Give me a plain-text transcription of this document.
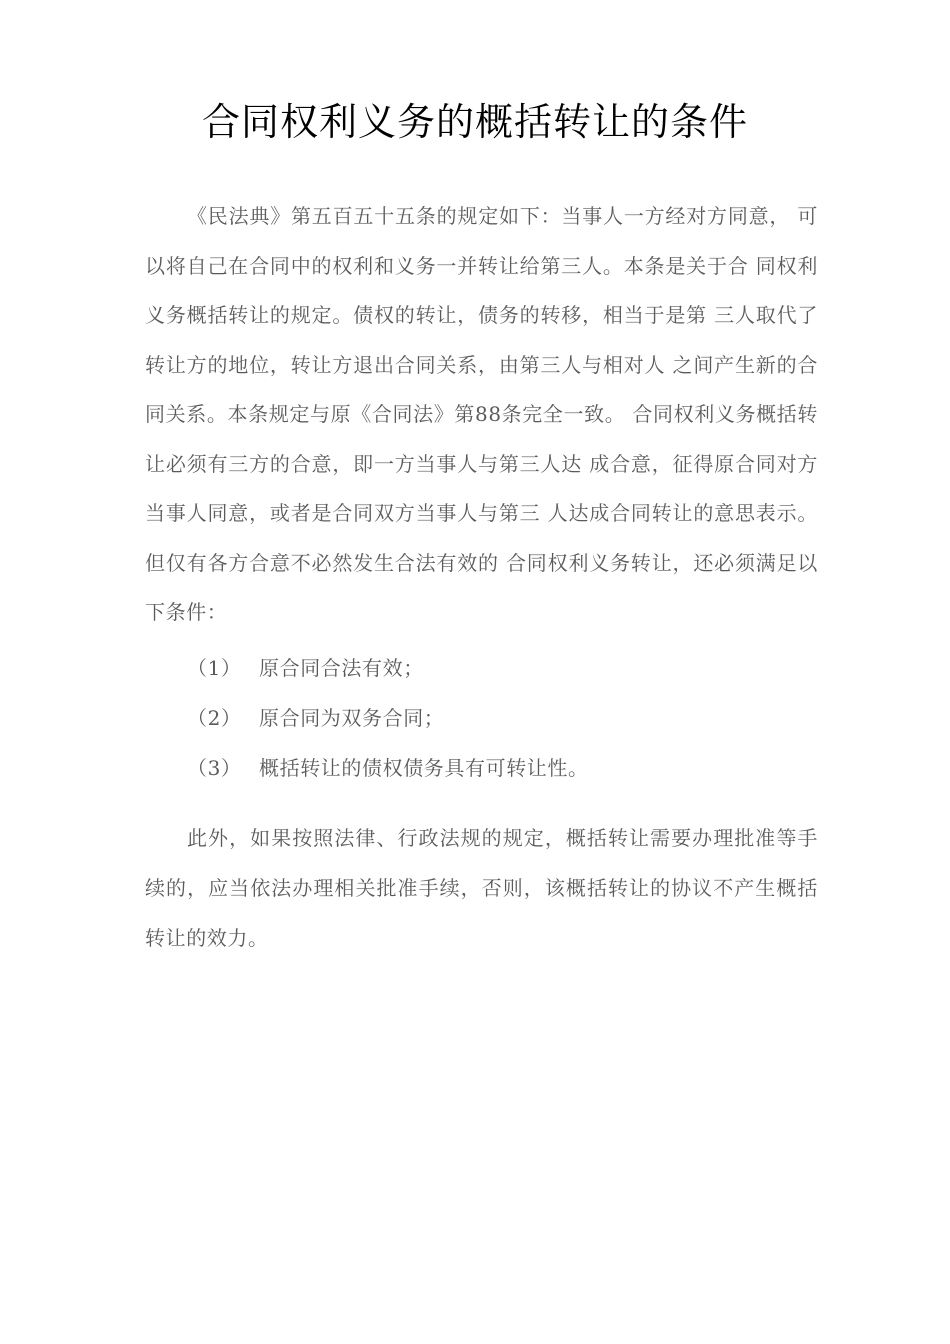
合同权利义务的概括转让的条件

《民法典》第五百五十五条的规定如下：当事人一方经对方同意， 可以将自己在合同中的权利和义务一并转让给第三人。本条是关于合 同权利义务概括转让的规定。债权的转让，债务的转移，相当于是第 三人取代了转让方的地位，转让方退出合同关系，由第三人与相对人 之间产生新的合同关系。本条规定与原《合同法》第88条完全一致。 合同权利义务概括转让必须有三方的合意，即一方当事人与第三人达 成合意，征得原合同对方当事人同意，或者是合同双方当事人与第三 人达成合同转让的意思表示。但仅有各方合意不必然发生合法有效的 合同权利义务转让，还必须满足以下条件：

（1） 原合同合法有效；
（2） 原合同为双务合同；
（3） 概括转让的债权债务具有可转让性。

此外，如果按照法律、行政法规的规定，概括转让需要办理批准等手续的，应当依法办理相关批准手续，否则，该概括转让的协议不产生概括转让的效力。
